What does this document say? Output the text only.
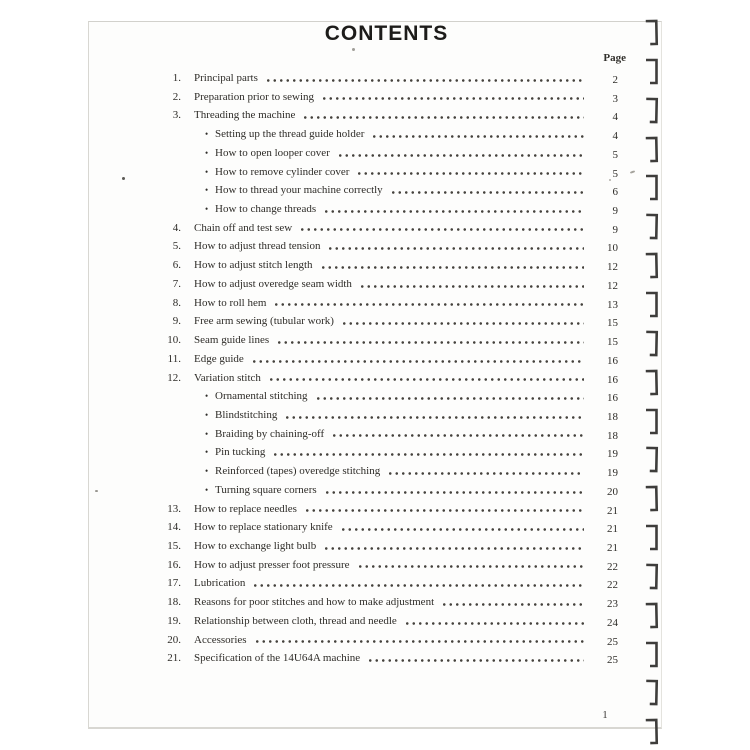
CONTENTS
Page
1.	Principal parts	2
2.	Preparation prior to sewing	3
3.	Threading the machine	4
• Setting up the thread guide holder	4
• How to open looper cover	5
• How to remove cylinder cover	5
• How to thread your machine correctly	6
• How to change threads	9
4.	Chain off and test sew	9
5.	How to adjust thread tension	10
6.	How to adjust stitch length	12
7.	How to adjust overedge seam width	12
8.	How to roll hem	13
9.	Free arm sewing (tubular work)	15
10.	Seam guide lines	15
11.	Edge guide	16
12.	Variation stitch	16
• Ornamental stitching	16
• Blindstitching	18
• Braiding by chaining-off	18
• Pin tucking	19
• Reinforced (tapes) overedge stitching	19
• Turning square corners	20
13.	How to replace needles	21
14.	How to replace stationary knife	21
15.	How to exchange light bulb	21
16.	How to adjust presser foot pressure	22
17.	Lubrication	22
18.	Reasons for poor stitches and how to make adjustment	23
19.	Relationship between cloth, thread and needle	24
20.	Accessories	25
21.	Specification of the 14U64A machine	25
1
